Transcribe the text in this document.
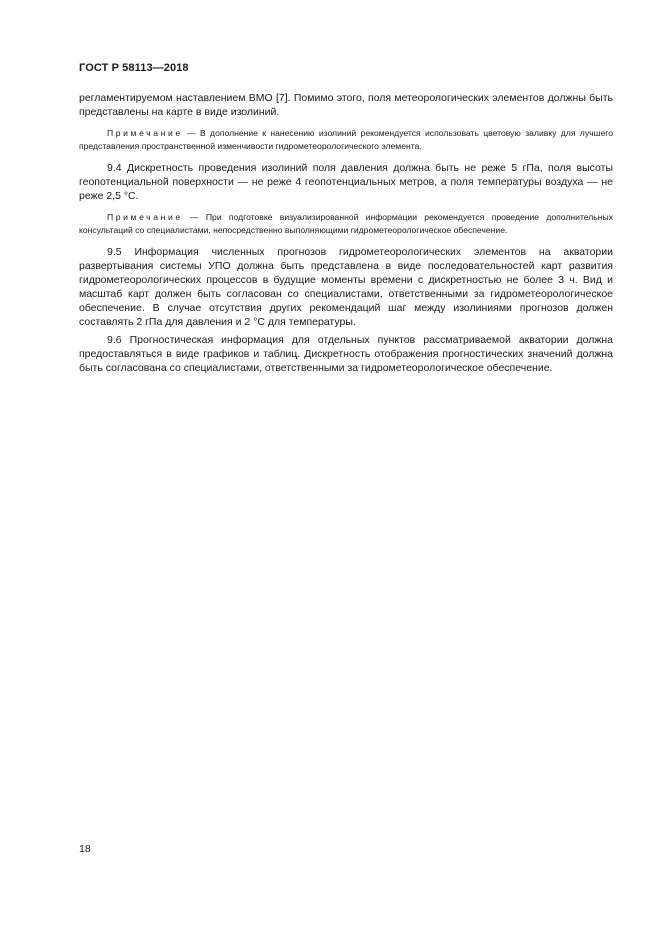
ГОСТ Р 58113—2018

регламентируемом наставлением ВМО [7]. Помимо этого, поля метеорологических элементов должны быть представлены на карте в виде изолиний.

Примечание — В дополнение к нанесению изолиний рекомендуется использовать цветовую заливку для лучшего представления пространственной изменчивости гидрометеорологического элемента.

9.4 Дискретность проведения изолиний поля давления должна быть не реже 5 гПа, поля высоты геопотенциальной поверхности — не реже 4 геопотенциальных метров, а поля температуры воздуха — не реже 2,5 °С.

Примечание — При подготовке визуализированной информации рекомендуется проведение дополнительных консультаций со специалистами, непосредственно выполняющими гидрометеорологическое обеспечение.

9.5 Информация численных прогнозов гидрометеорологических элементов на акватории развертывания системы УПО должна быть представлена в виде последовательностей карт развития гидрометеорологических процессов в будущие моменты времени с дискретностью не более 3 ч. Вид и масштаб карт должен быть согласован со специалистами, ответственными за гидрометеорологическое обеспечение. В случае отсутствия других рекомендаций шаг между изолиниями прогнозов должен составлять 2 гПа для давления и 2 °С для температуры.

9.6 Прогностическая информация для отдельных пунктов рассматриваемой акватории должна предоставляться в виде графиков и таблиц. Дискретность отображения прогностических значений должна быть согласована со специалистами, ответственными за гидрометеорологическое обеспечение.

18
